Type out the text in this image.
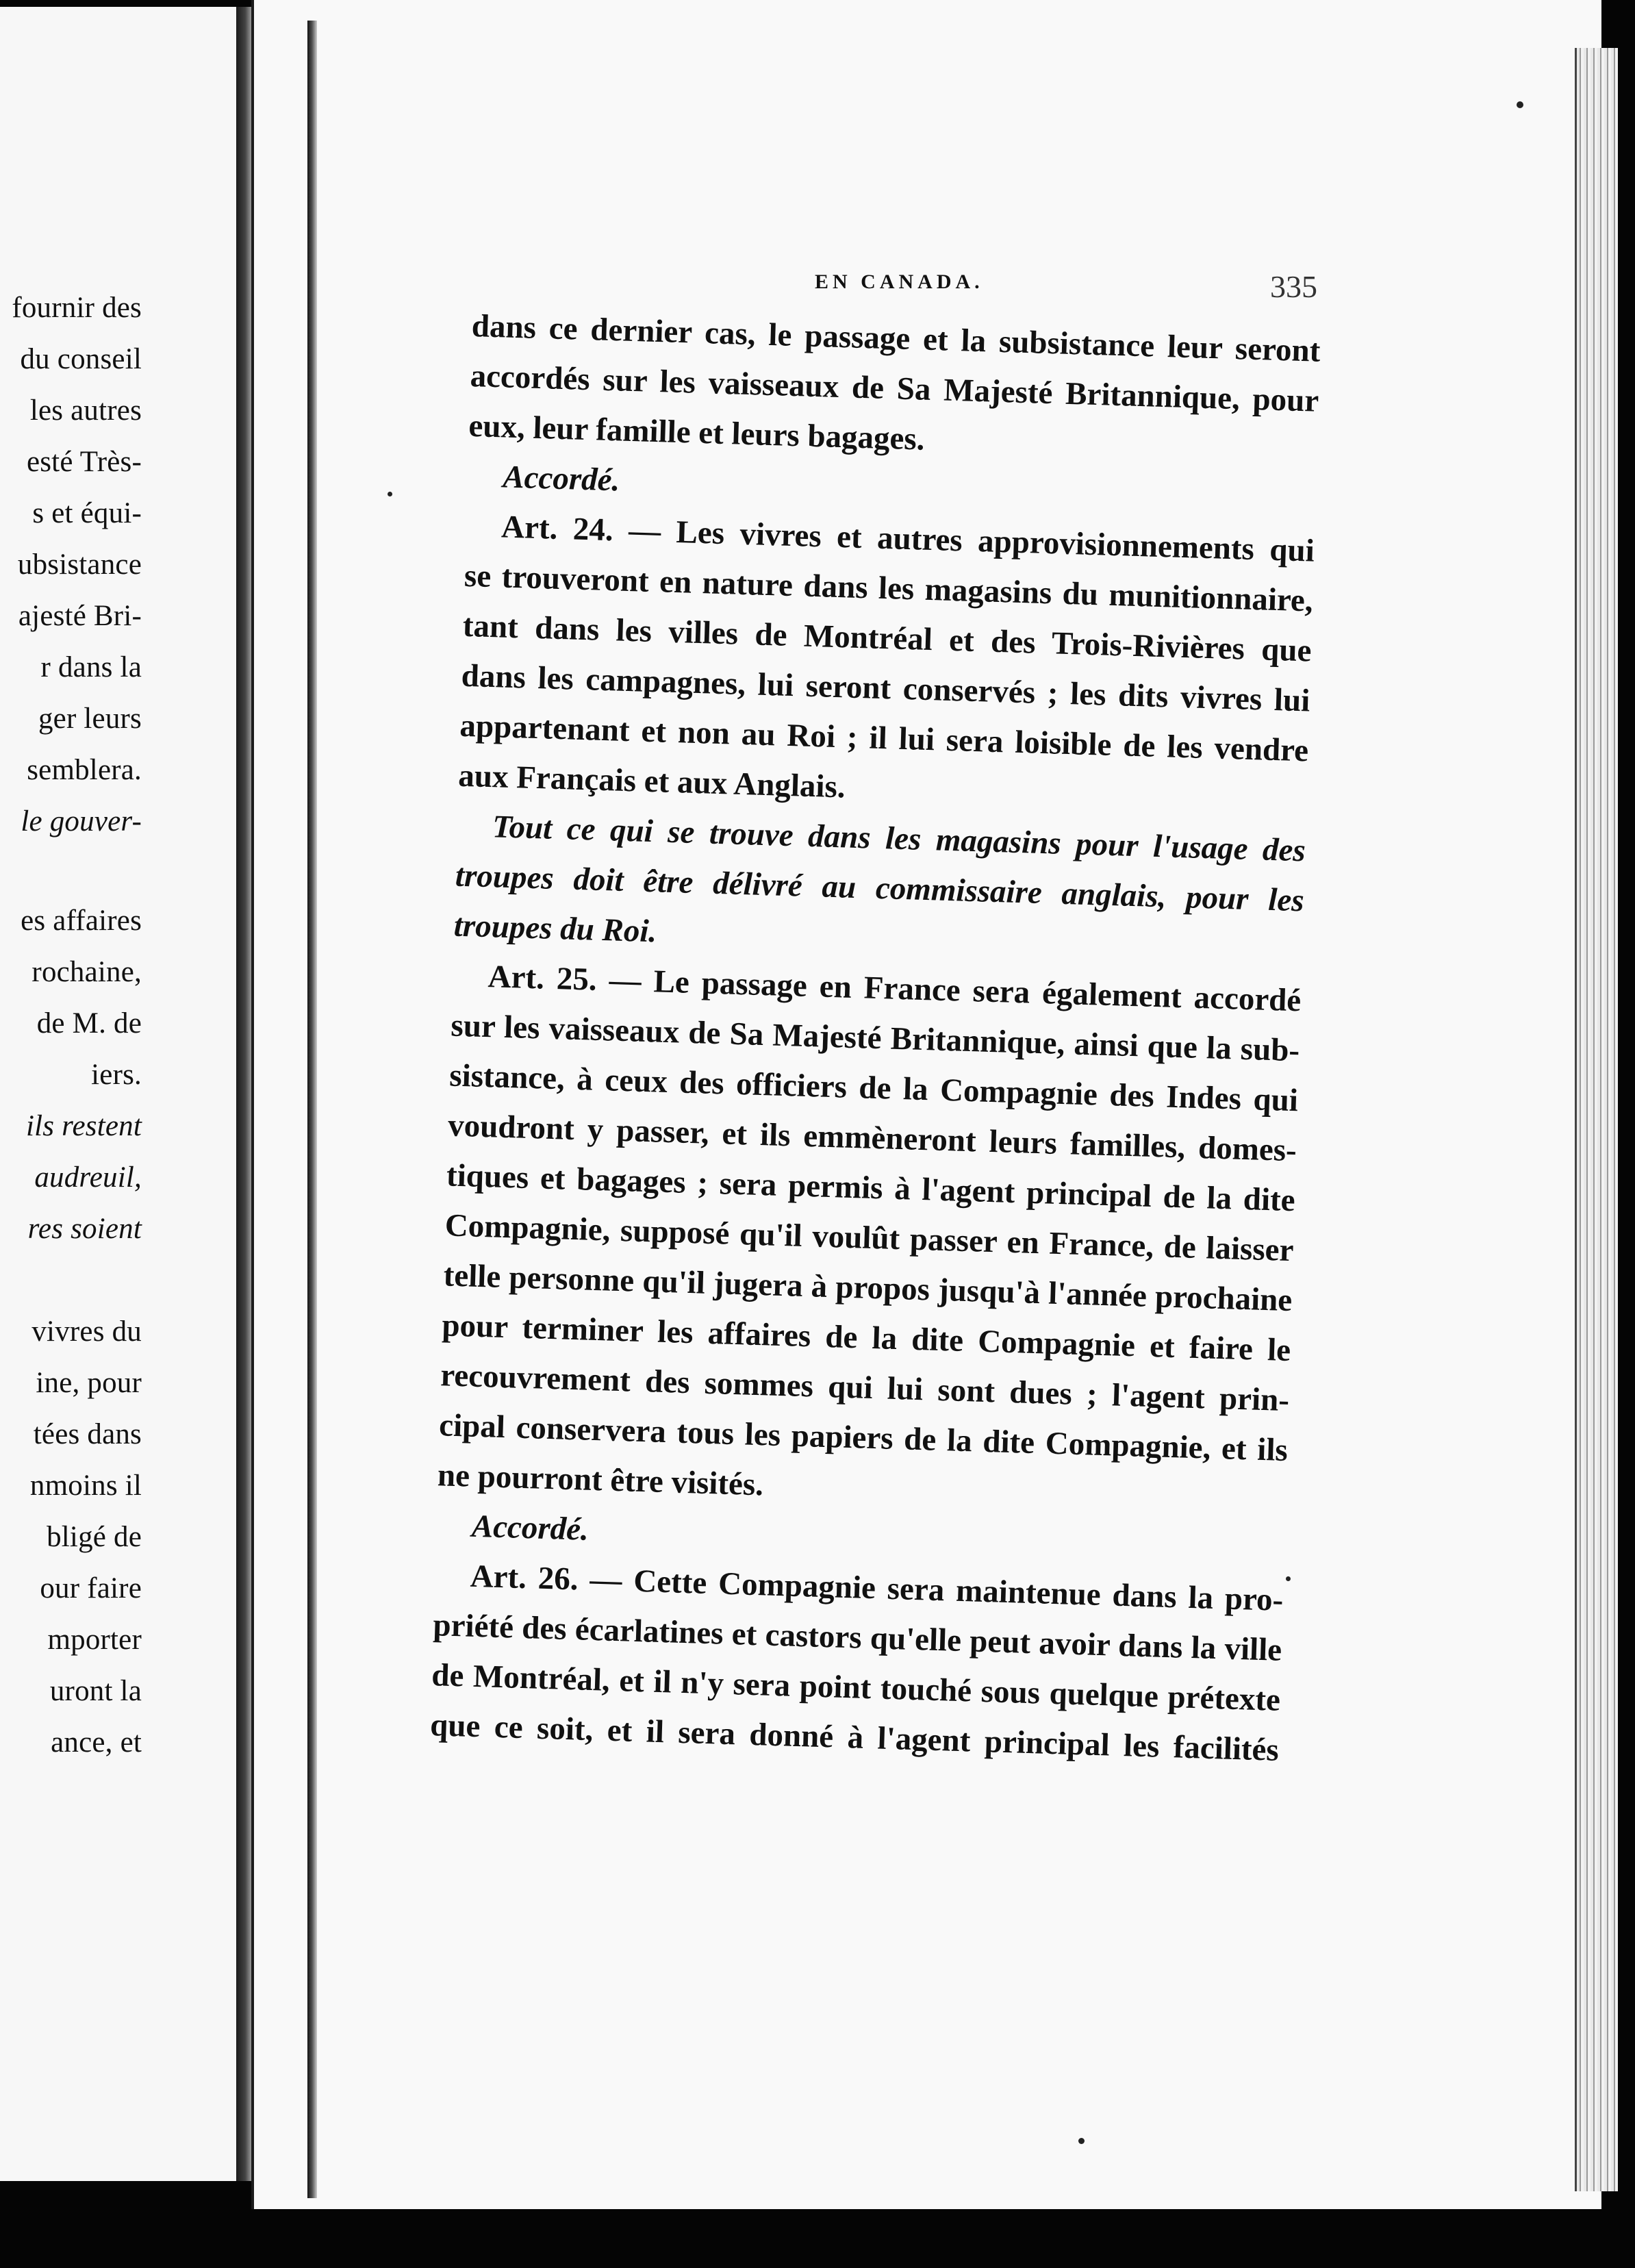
fournir des
du conseil
les autres
esté Très-
s et équi-
ubsistance
ajesté Bri-
r dans la
ger leurs
semblera.
le gouver-
es affaires
rochaine,
de M. de
iers.
ils restent
audreuil,
res soient
vivres du
ine, pour
tées dans
nmoins il
bligé de
our faire
mporter
uront la
ance, et
EN CANADA.	335
dans ce dernier cas, le passage et la subsistance leur seront
accordés sur les vaisseaux de Sa Majesté Britannique, pour
eux, leur famille et leurs bagages.
Accordé.
Art. 24. — Les vivres et autres approvisionnements qui
se trouveront en nature dans les magasins du munitionnaire,
tant dans les villes de Montréal et des Trois-Rivières que
dans les campagnes, lui seront conservés ; les dits vivres lui
appartenant et non au Roi ; il lui sera loisible de les vendre
aux Français et aux Anglais.
Tout ce qui se trouve dans les magasins pour l'usage des
troupes doit être délivré au commissaire anglais, pour les
troupes du Roi.
Art. 25. — Le passage en France sera également accordé
sur les vaisseaux de Sa Majesté Britannique, ainsi que la sub-
sistance, à ceux des officiers de la Compagnie des Indes qui
voudront y passer, et ils emmèneront leurs familles, domes-
tiques et bagages ; sera permis à l'agent principal de la dite
Compagnie, supposé qu'il voulût passer en France, de laisser
telle personne qu'il jugera à propos jusqu'à l'année prochaine
pour terminer les affaires de la dite Compagnie et faire le
recouvrement des sommes qui lui sont dues ; l'agent prin-
cipal conservera tous les papiers de la dite Compagnie, et ils
ne pourront être visités.
Accordé.
Art. 26. — Cette Compagnie sera maintenue dans la pro-
priété des écarlatines et castors qu'elle peut avoir dans la ville
de Montréal, et il n'y sera point touché sous quelque prétexte
que ce soit, et il sera donné à l'agent principal les facilités
